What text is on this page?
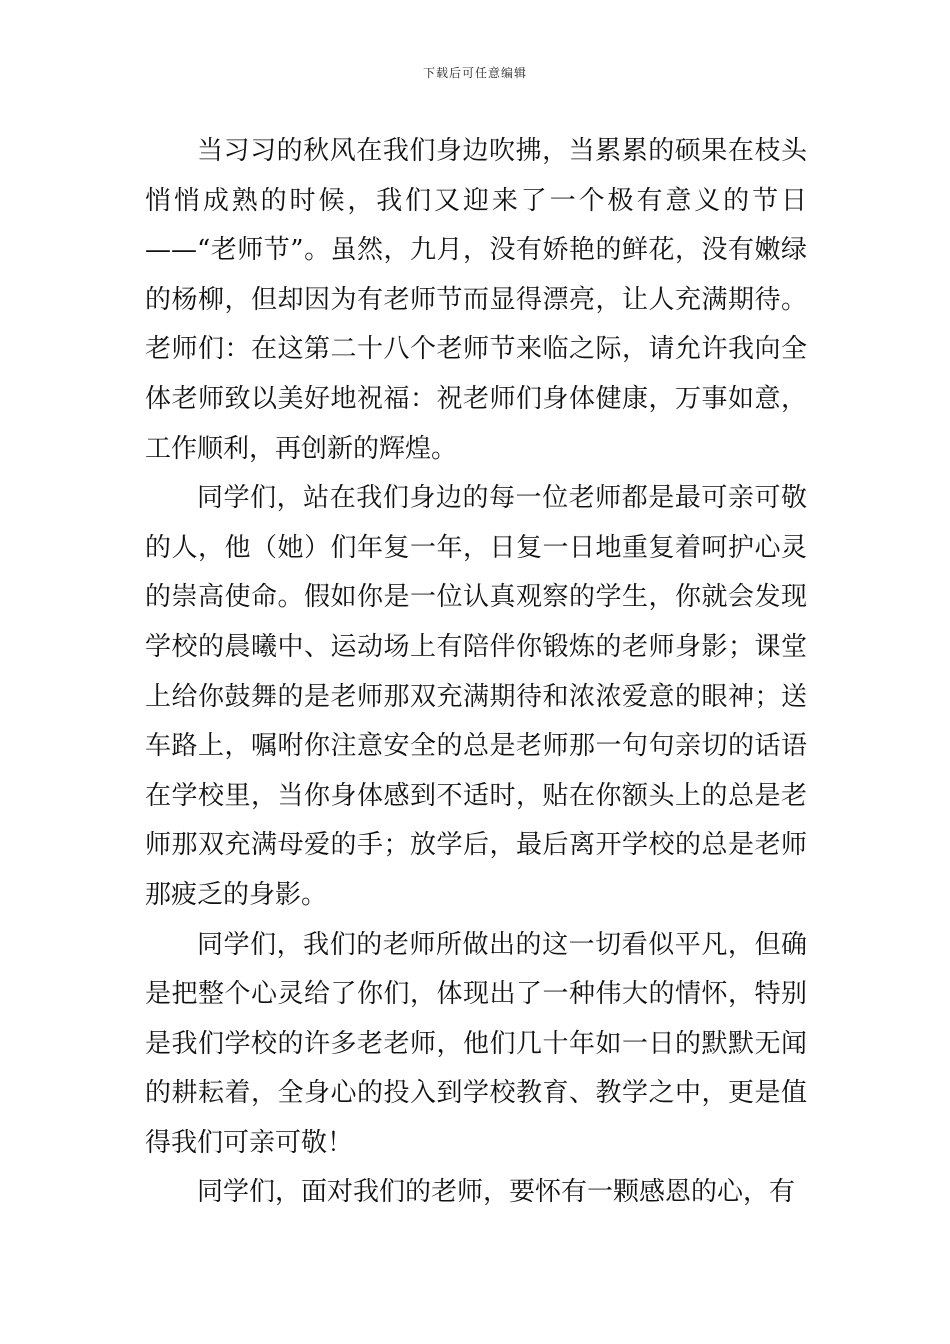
下载后可任意编辑

当习习的秋风在我们身边吹拂，当累累的硕果在枝头悄悄成熟的时候，我们又迎来了一个极有意义的节日——“老师节”。虽然，九月，没有娇艳的鲜花，没有嫩绿的杨柳，但却因为有老师节而显得漂亮，让人充满期待。老师们：在这第二十八个老师节来临之际，请允许我向全体老师致以美好地祝福：祝老师们身体健康，万事如意，工作顺利，再创新的辉煌。

同学们，站在我们身边的每一位老师都是最可亲可敬的人，他（她）们年复一年，日复一日地重复着呵护心灵的崇高使命。假如你是一位认真观察的学生，你就会发现学校的晨曦中、运动场上有陪伴你锻炼的老师身影；课堂上给你鼓舞的是老师那双充满期待和浓浓爱意的眼神；送车路上，嘱咐你注意安全的总是老师那一句句亲切的话语在学校里，当你身体感到不适时，贴在你额头上的总是老师那双充满母爱的手；放学后，最后离开学校的总是老师那疲乏的身影。

同学们，我们的老师所做出的这一切看似平凡，但确是把整个心灵给了你们，体现出了一种伟大的情怀，特别是我们学校的许多老老师，他们几十年如一日的默默无闻的耕耘着，全身心的投入到学校教育、教学之中，更是值得我们可亲可敬！

同学们，面对我们的老师，要怀有一颗感恩的心，有
